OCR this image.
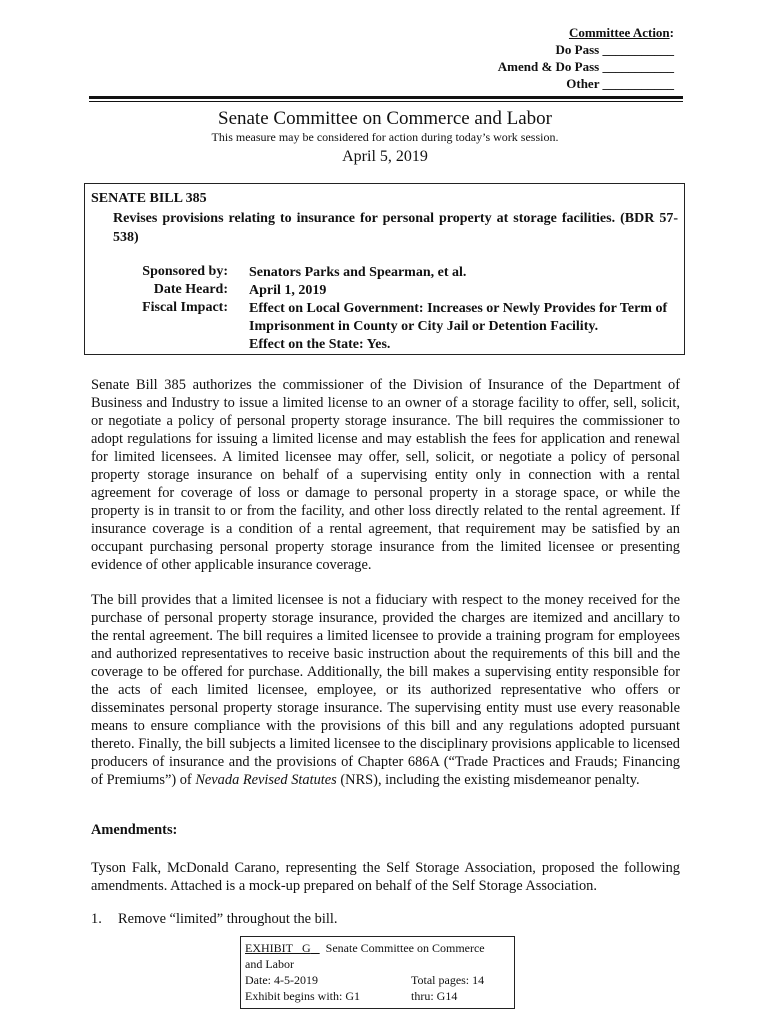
Committee Action:
Do Pass ___________
Amend & Do Pass ___________
Other ___________
Senate Committee on Commerce and Labor
This measure may be considered for action during today’s work session.
April 5, 2019
SENATE BILL 385
Revises provisions relating to insurance for personal property at storage facilities. (BDR 57-538)
Sponsored by: Senators Parks and Spearman, et al.
Date Heard: April 1, 2019
Fiscal Impact: Effect on Local Government: Increases or Newly Provides for Term of Imprisonment in County or City Jail or Detention Facility.
Effect on the State: Yes.
Senate Bill 385 authorizes the commissioner of the Division of Insurance of the Department of Business and Industry to issue a limited license to an owner of a storage facility to offer, sell, solicit, or negotiate a policy of personal property storage insurance. The bill requires the commissioner to adopt regulations for issuing a limited license and may establish the fees for application and renewal for limited licensees. A limited licensee may offer, sell, solicit, or negotiate a policy of personal property storage insurance on behalf of a supervising entity only in connection with a rental agreement for coverage of loss or damage to personal property in a storage space, or while the property is in transit to or from the facility, and other loss directly related to the rental agreement. If insurance coverage is a condition of a rental agreement, that requirement may be satisfied by an occupant purchasing personal property storage insurance from the limited licensee or presenting evidence of other applicable insurance coverage.
The bill provides that a limited licensee is not a fiduciary with respect to the money received for the purchase of personal property storage insurance, provided the charges are itemized and ancillary to the rental agreement. The bill requires a limited licensee to provide a training program for employees and authorized representatives to receive basic instruction about the requirements of this bill and the coverage to be offered for purchase. Additionally, the bill makes a supervising entity responsible for the acts of each limited licensee, employee, or its authorized representative who offers or disseminates personal property storage insurance. The supervising entity must use every reasonable means to ensure compliance with the provisions of this bill and any regulations adopted pursuant thereto. Finally, the bill subjects a limited licensee to the disciplinary provisions applicable to licensed producers of insurance and the provisions of Chapter 686A (“Trade Practices and Frauds; Financing of Premiums”) of Nevada Revised Statutes (NRS), including the existing misdemeanor penalty.
Amendments:
Tyson Falk, McDonald Carano, representing the Self Storage Association, proposed the following amendments. Attached is a mock-up prepared on behalf of the Self Storage Association.
1. Remove “limited” throughout the bill.
EXHIBIT G Senate Committee on Commerce
and Labor
Date: 4-5-2019	Total pages: 14
Exhibit begins with: G1	thru: G14
